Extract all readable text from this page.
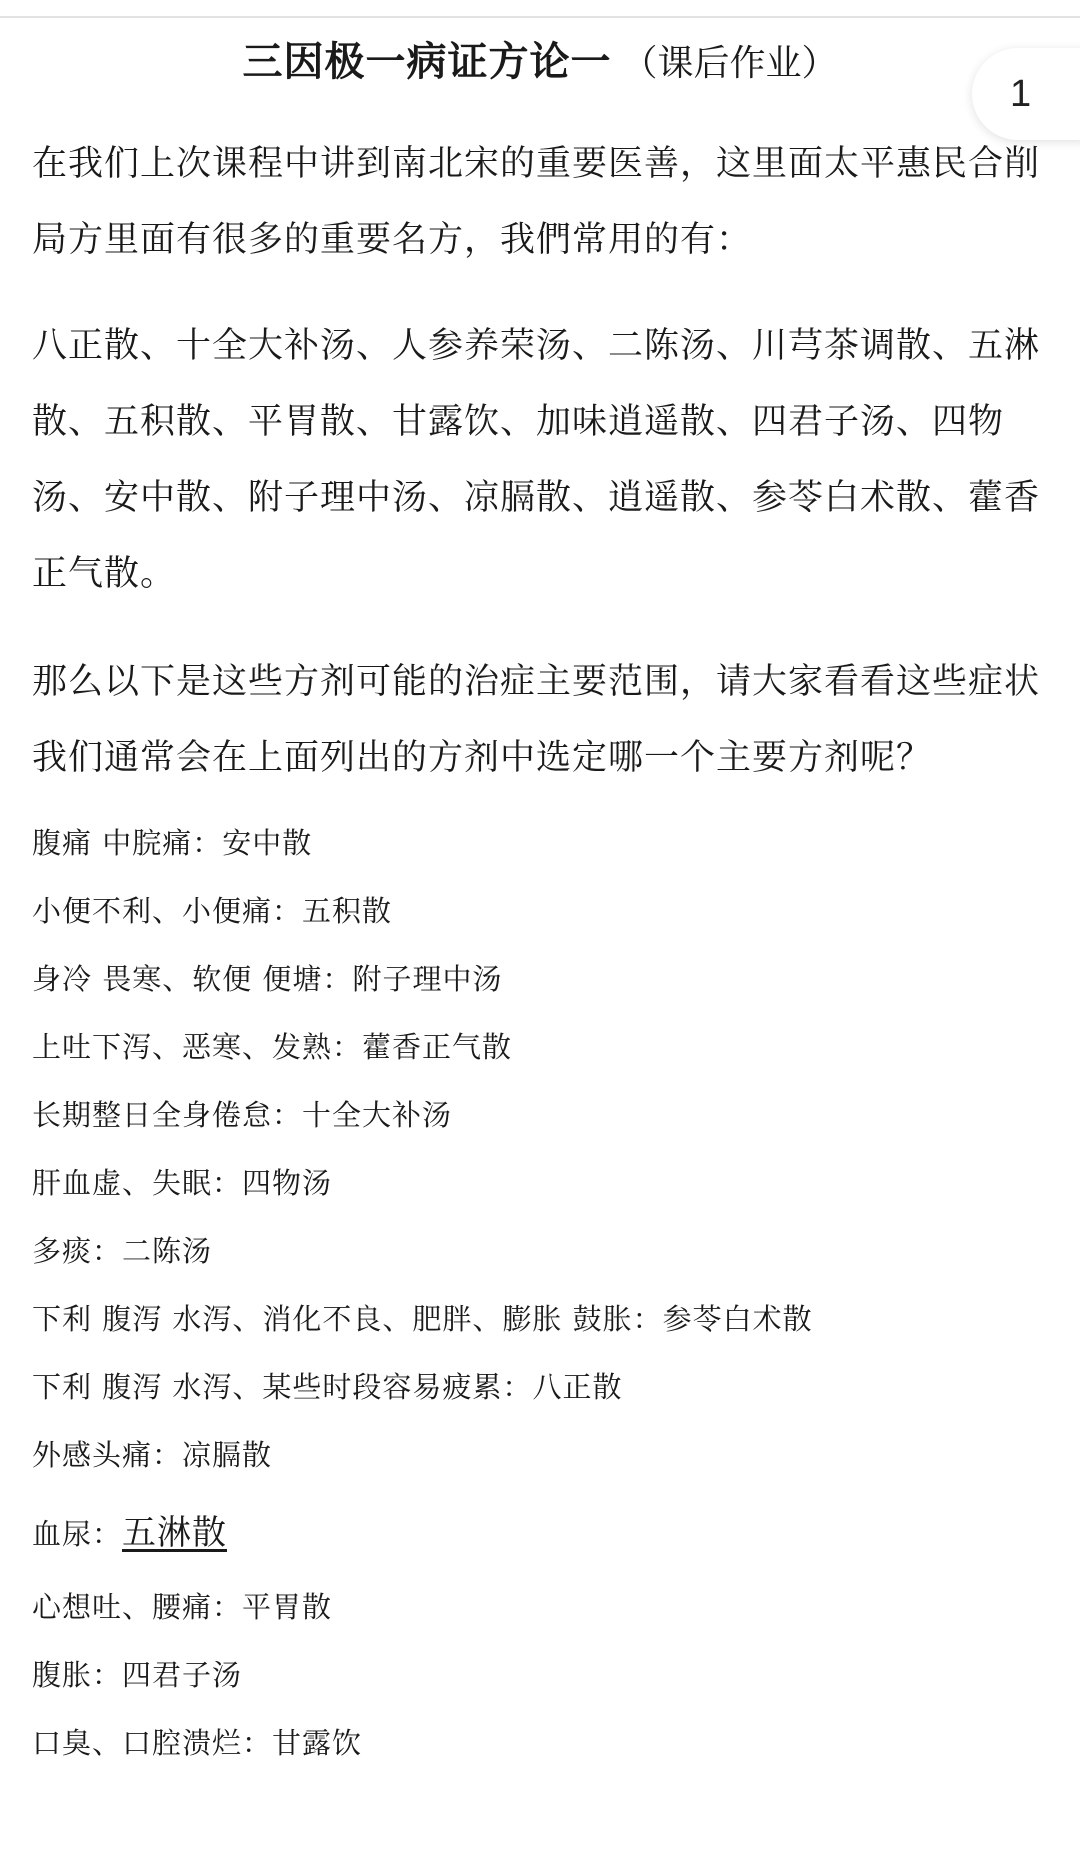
三因极一病证方论一 （课后作业）
1

在我们上次课程中讲到南北宋的重要医善，这里面太平惠民合削局方里面有很多的重要名方，我們常用的有：

八正散、十全大补汤、人参养荣汤、二陈汤、川芎茶调散、五淋散、五积散、平胃散、甘露饮、加味逍遥散、四君子汤、四物汤、安中散、附子理中汤、凉膈散、逍遥散、参苓白术散、藿香正气散。

那么以下是这些方剂可能的治症主要范围，请大家看看这些症状我们通常会在上面列出的方剂中选定哪一个主要方剂呢？

腹痛 中脘痛：安中散
小便不利、小便痛：五积散
身冷 畏寒、软便 便塘：附子理中汤
上吐下泻、恶寒、发熟：藿香正气散
长期整日全身倦怠：十全大补汤
肝血虚、失眠：四物汤
多痰：二陈汤
下利 腹泻 水泻、消化不良、肥胖、膨胀 鼓胀：参苓白术散
下利 腹泻 水泻、某些时段容易疲累：八正散
外感头痛：凉膈散
血尿：五淋散
心想吐、腰痛：平胃散
腹胀：四君子汤
口臭、口腔溃烂：甘露饮
